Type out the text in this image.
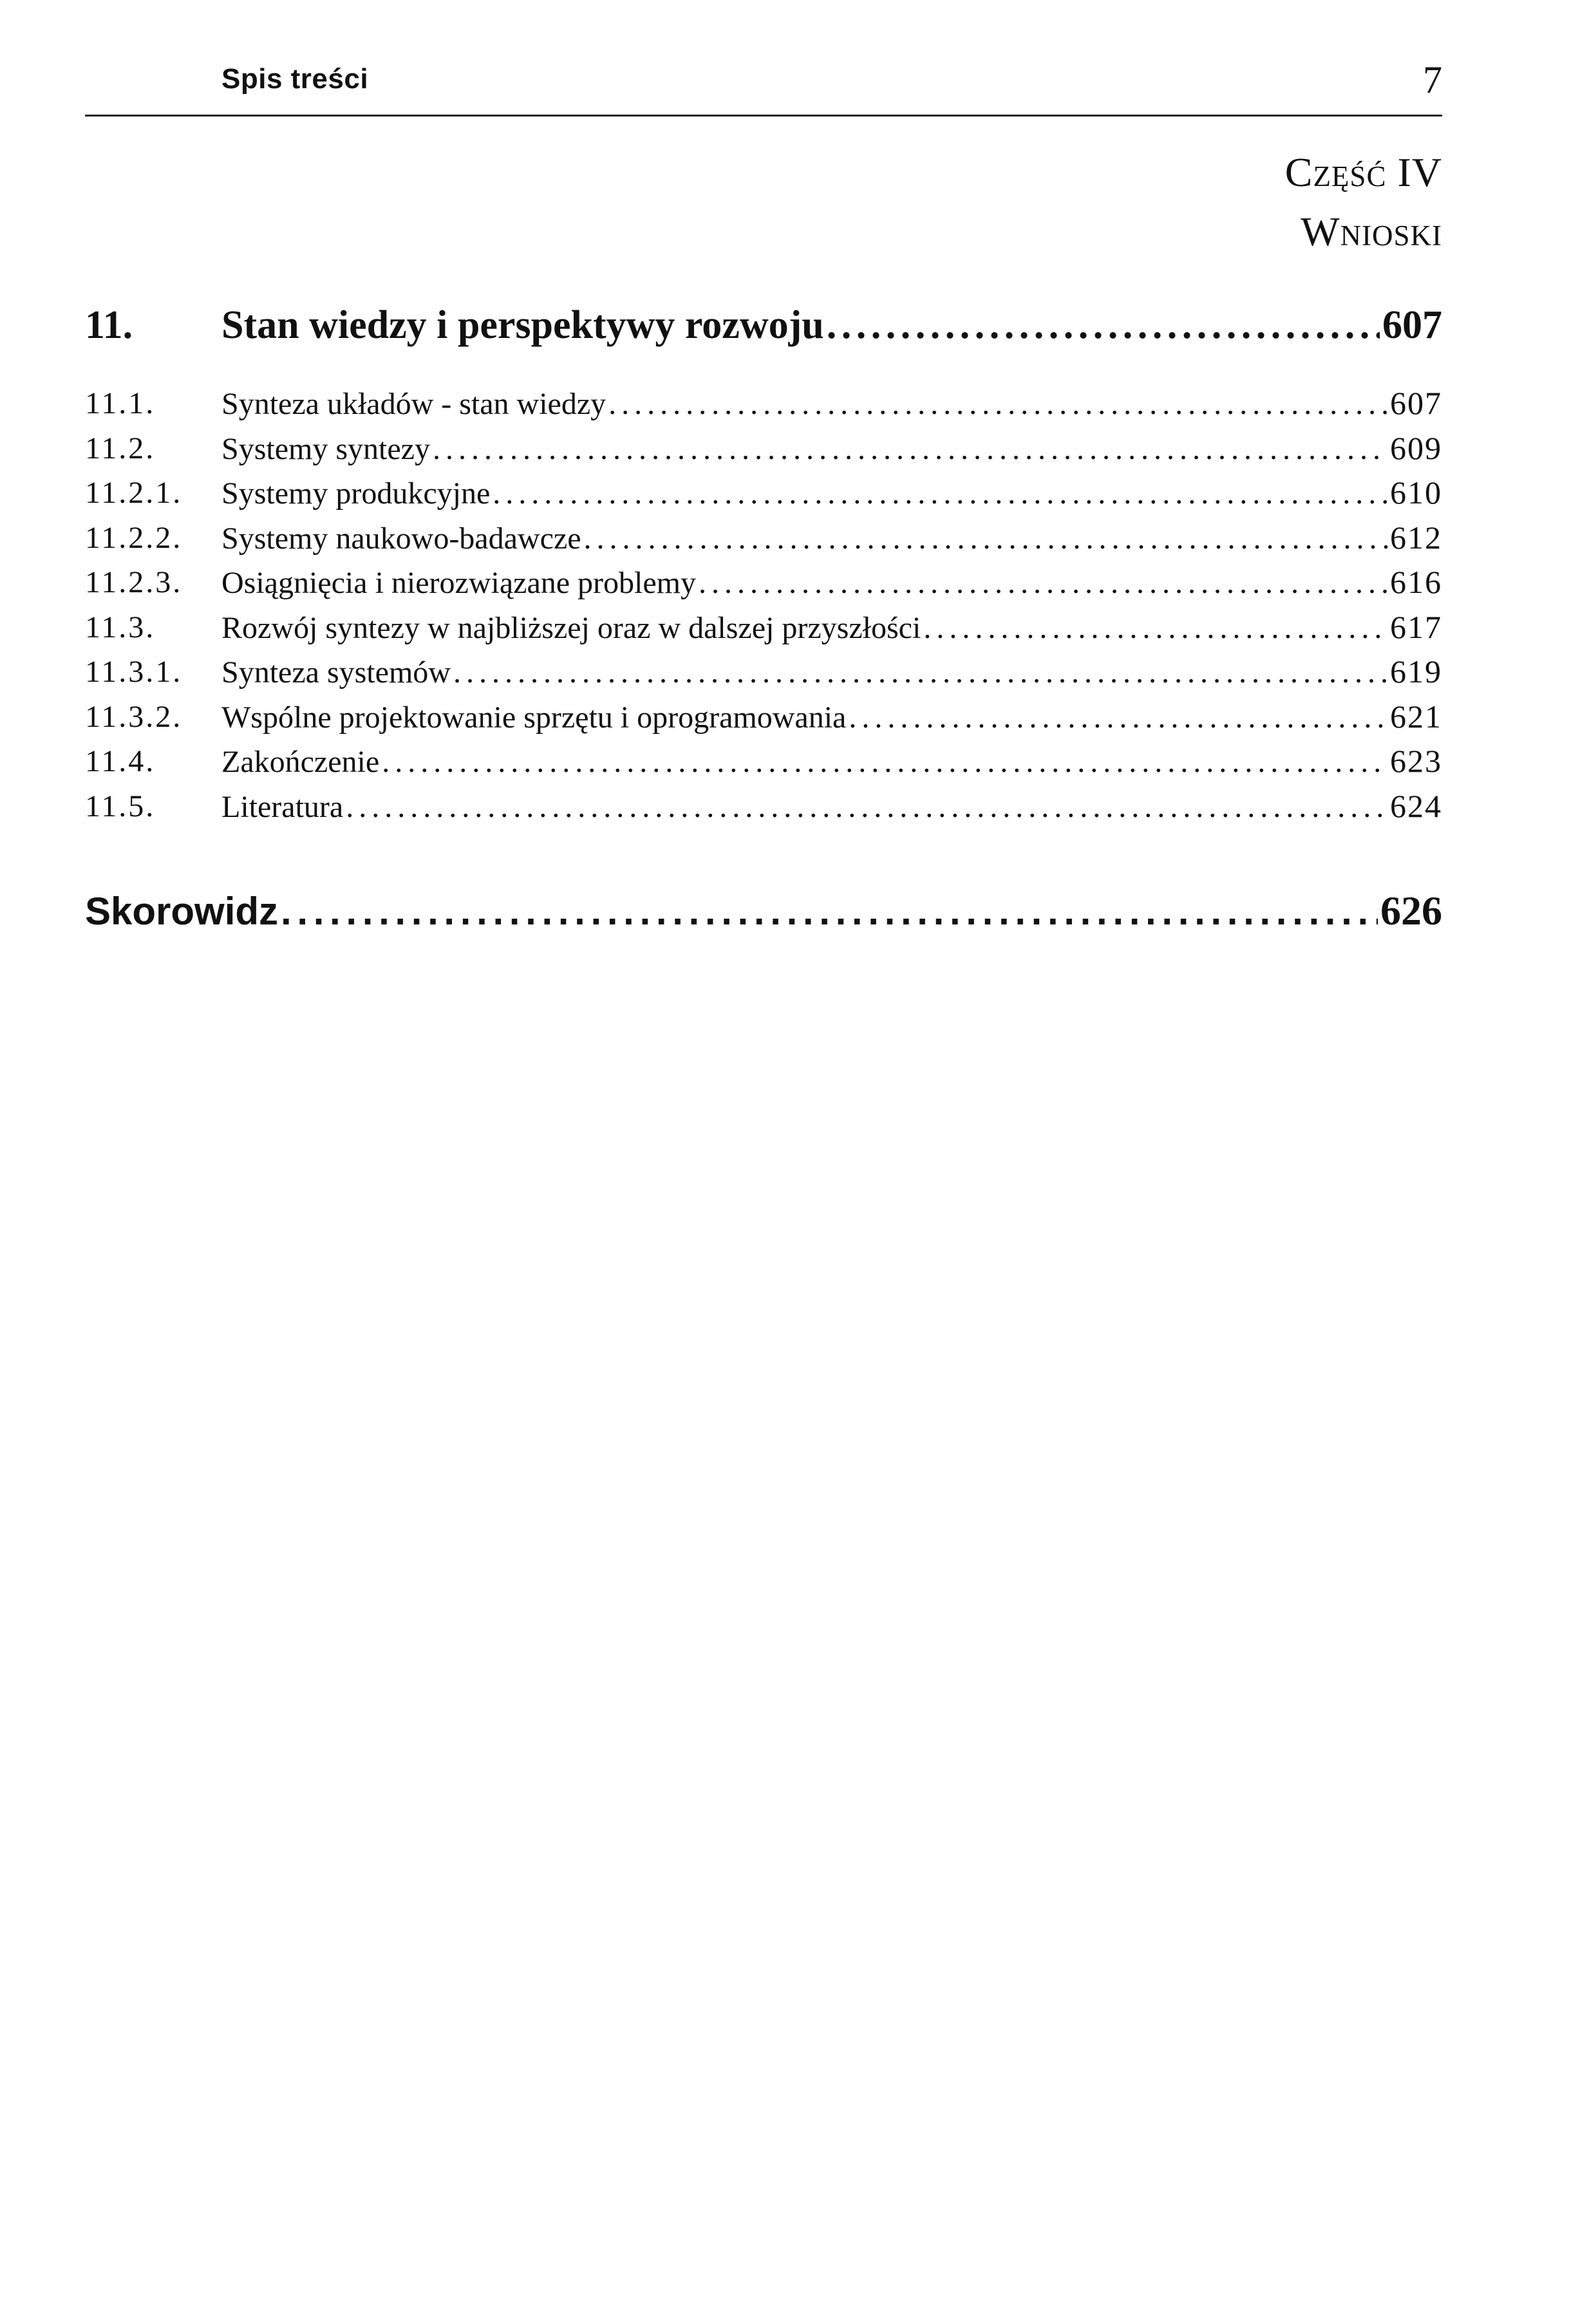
Spis treści	7
Część IV
Wnioski
11. Stan wiedzy i perspektywy rozwoju . . .	607
11.1. Synteza układów - stan wiedzy . . .	607
11.2. Systemy syntezy . . .	609
11.2.1. Systemy produkcyjne . . .	610
11.2.2. Systemy naukowo-badawcze . . .	612
11.2.3. Osiągnięcia i nierozwiązane problemy . . .	616
11.3. Rozwój syntezy w najbliższej oraz w dalszej przyszłości . . .	617
11.3.1. Synteza systemów . . .	619
11.3.2. Wspólne projektowanie sprzętu i oprogramowania . . .	621
11.4. Zakończenie . . .	623
11.5. Literatura . . .	624
Skorowidz . . .	626
